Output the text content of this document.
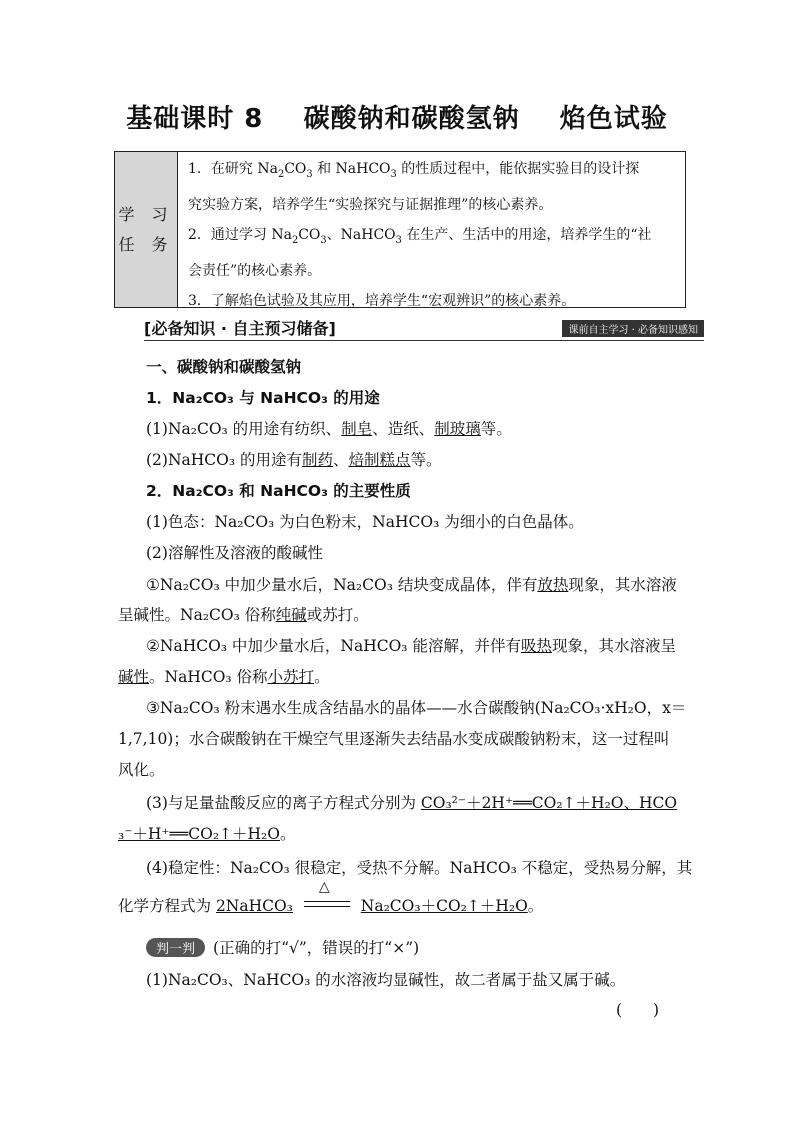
基础课时 8    碳酸钠和碳酸氢钠    焰色试验
学 习
任 务
1．在研究 $Na_2CO_3$ 和 NaHCO$_3$ 的性质过程中，能依据实验目的设计探
究实验方案，培养学生“实验探究与证据推理”的核心素养。
2．通过学习 $Na_2CO_3$、NaHCO$_3$ 在生产、生活中的用途，培养学生的“社
会责任”的核心素养。
3．了解焰色试验及其应用，培养学生“宏观辨识”的核心素养。
[必备知识 · 自主预习储备]	课前自主学习 · 必备知识感知
一、碳酸钠和碳酸氢钠
1．Na₂CO₃ 与 NaHCO₃ 的用途
(1)Na₂CO₃ 的用途有纺织、制皂、造纸、制玻璃等。
(2)NaHCO₃ 的用途有制药、焙制糕点等。
2．Na₂CO₃ 和 NaHCO₃ 的主要性质
(1)色态：Na₂CO₃ 为白色粉末，NaHCO₃ 为细小的白色晶体。
(2)溶解性及溶液的酸碱性
①Na₂CO₃ 中加少量水后，Na₂CO₃ 结块变成晶体，伴有放热现象，其水溶液
呈碱性。Na₂CO₃ 俗称纯碱或苏打。
②NaHCO₃ 中加少量水后，NaHCO₃ 能溶解，并伴有吸热现象，其水溶液呈
碱性。NaHCO₃ 俗称小苏打。
③Na₂CO₃ 粉末遇水生成含结晶水的晶体——水合碳酸钠(Na₂CO₃·xH₂O，x＝
1,7,10)；水合碳酸钠在干燥空气里逐渐失去结晶水变成碳酸钠粉末，这一过程叫
风化。
(3)与足量盐酸反应的离子方程式分别为 CO₃²⁻＋2H⁺══CO₂↑＋H₂O、HCO
₃⁻＋H⁺══CO₂↑＋H₂O。
(4)稳定性：Na₂CO₃ 很稳定，受热不分解。NaHCO₃ 不稳定，受热易分解，其
化学方程式为 2NaHCO₃
△
Na₂CO₃＋CO₂↑＋H₂O。
判一判 (正确的打“√”，错误的打“×”)
(1)Na₂CO₃、NaHCO₃ 的水溶液均显碱性，故二者属于盐又属于碱。
(　　)
